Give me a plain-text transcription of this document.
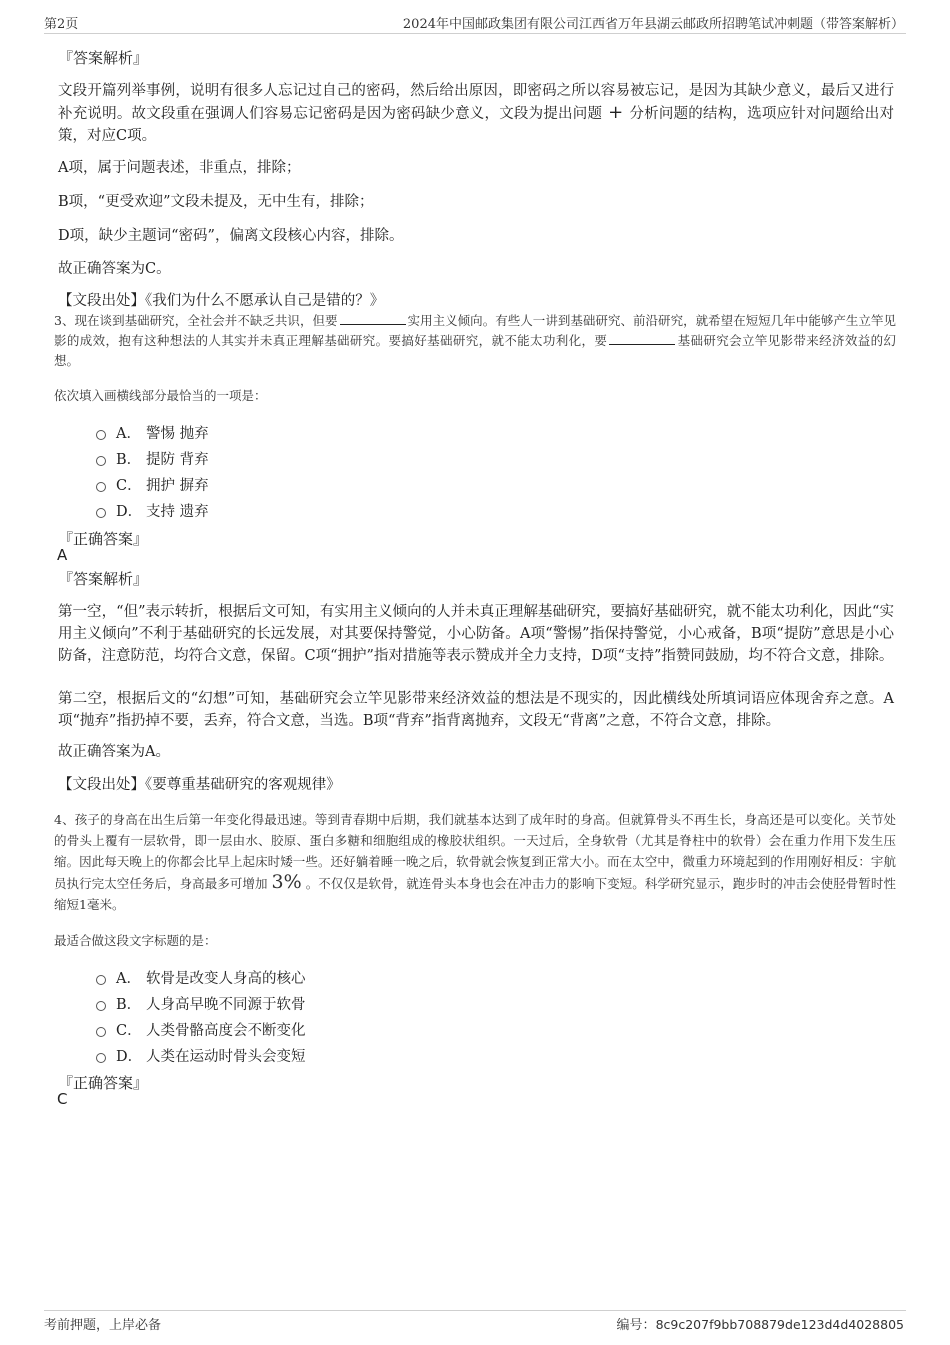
第2页	2024年中国邮政集团有限公司江西省万年县湖云邮政所招聘笔试冲刺题（带答案解析）
『答案解析』
文段开篇列举事例，说明有很多人忘记过自己的密码，然后给出原因，即密码之所以容易被忘记，是因为其缺少意义，最后又进行补充说明。故文段重在强调人们容易忘记密码是因为密码缺少意义，文段为提出问题 + 分析问题的结构，选项应针对问题给出对策，对应C项。
A项，属于问题表述，非重点，排除；
B项，“更受欢迎”文段未提及，无中生有，排除；
D项，缺少主题词“密码”，偏离文段核心内容，排除。
故正确答案为C。
【文段出处】《我们为什么不愿承认自己是错的？》
3、现在谈到基础研究，全社会并不缺乏共识，但要	实用主义倾向。有些人一讲到基础研究、前沿研究，就希望在短短几年中能够产生立竿见影的成效，抱有这种想法的人其实并未真正理解基础研究。要搞好基础研究，就不能太功利化，要	基础研究会立竿见影带来经济效益的幻想。
依次填入画横线部分最恰当的一项是：
A． 警惕 抛弃
B． 提防 背弃
C． 拥护 摒弃
D． 支持 遗弃
『正确答案』
A
『答案解析』
第一空，“但”表示转折，根据后文可知，有实用主义倾向的人并未真正理解基础研究，要搞好基础研究，就不能太功利化，因此“实用主义倾向”不利于基础研究的长远发展，对其要保持警觉，小心防备。A项“警惕”指保持警觉，小心戒备，B项“提防”意思是小心防备，注意防范，均符合文意，保留。C项“拥护”指对措施等表示赞成并全力支持，D项“支持”指赞同鼓励，均不符合文意，排除。
第二空，根据后文的“幻想”可知，基础研究会立竿见影带来经济效益的想法是不现实的，因此横线处所填词语应体现舍弃之意。A项“抛弃”指扔掉不要，丢弃，符合文意，当选。B项“背弃”指背离抛弃，文段无“背离”之意，不符合文意，排除。
故正确答案为A。
【文段出处】《要尊重基础研究的客观规律》
4、孩子的身高在出生后第一年变化得最迅速。等到青春期中后期，我们就基本达到了成年时的身高。但就算骨头不再生长，身高还是可以变化。关节处的骨头上覆有一层软骨，即一层由水、胶原、蛋白多糖和细胞组成的橡胶状组织。一天过后，全身软骨（尤其是脊柱中的软骨）会在重力作用下发生压缩。因此每天晚上的你都会比早上起床时矮一些。还好躺着睡一晚之后，软骨就会恢复到正常大小。而在太空中，微重力环境起到的作用刚好相反：宇航员执行完太空任务后，身高最多可增加 3% 。不仅仅是软骨，就连骨头本身也会在冲击力的影响下变短。科学研究显示，跑步时的冲击会使胫骨暂时性缩短1毫米。
最适合做这段文字标题的是：
A． 软骨是改变人身高的核心
B． 人身高早晚不同源于软骨
C． 人类骨骼高度会不断变化
D． 人类在运动时骨头会变短
『正确答案』
C
考前押题，上岸必备	编号：8c9c207f9bb708879de123d4d4028805
